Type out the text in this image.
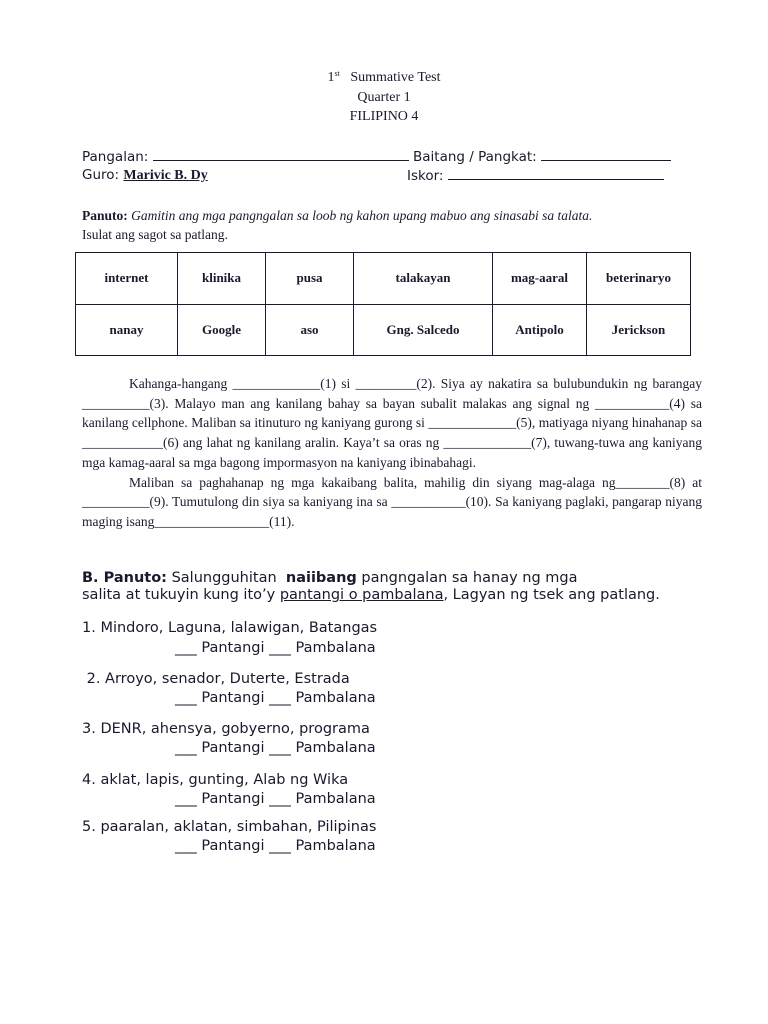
1st Summative Test
Quarter 1
FILIPINO 4
Pangalan:	Baitang / Pangkat:
Guro: Marivic B. Dy	Iskor:
Panuto: Gamitin ang mga pangngalan sa loob ng kahon upang mabuo ang sinasabi sa talata.
Isulat ang sagot sa patlang.
internet	klinika	pusa	talakayan	mag-aaral	beterinaryo
nanay	Google	aso	Gng. Salcedo	Antipolo	Jerickson

Kahanga-hangang _____________(1) si _________(2). Siya ay nakatira sa bulubundukin ng barangay __________(3). Malayo man ang kanilang bahay sa bayan subalit malakas ang signal ng ___________(4) sa kanilang cellphone. Maliban sa itinuturo ng kaniyang gurong si _____________(5), matiyaga niyang hinahanap sa ____________(6) ang lahat ng kanilang aralin. Kaya’t sa oras ng _____________(7), tuwang-tuwa ang kaniyang mga kamag-aaral sa mga bagong impormasyon na kaniyang ibinabahagi.

Maliban sa paghahanap ng mga kakaibang balita, mahilig din siyang mag-alaga ng________(8) at __________(9). Tumutulong din siya sa kaniyang ina sa ___________(10). Sa kaniyang paglaki, pangarap niyang maging isang_________________(11).

B. Panuto: Salungguhitan naiibang pangngalan sa hanay ng mga
salita at tukuyin kung ito’y pantangi o pambalana, Lagyan ng tsek ang patlang.
1. Mindoro, Laguna, lalawigan, Batangas
___ Pantangi ___ Pambalana
2. Arroyo, senador, Duterte, Estrada
___ Pantangi ___ Pambalana
3. DENR, ahensya, gobyerno, programa
___ Pantangi ___ Pambalana
4. aklat, lapis, gunting, Alab ng Wika
___ Pantangi ___ Pambalana
5. paaralan, aklatan, simbahan, Pilipinas
___ Pantangi ___ Pambalana
